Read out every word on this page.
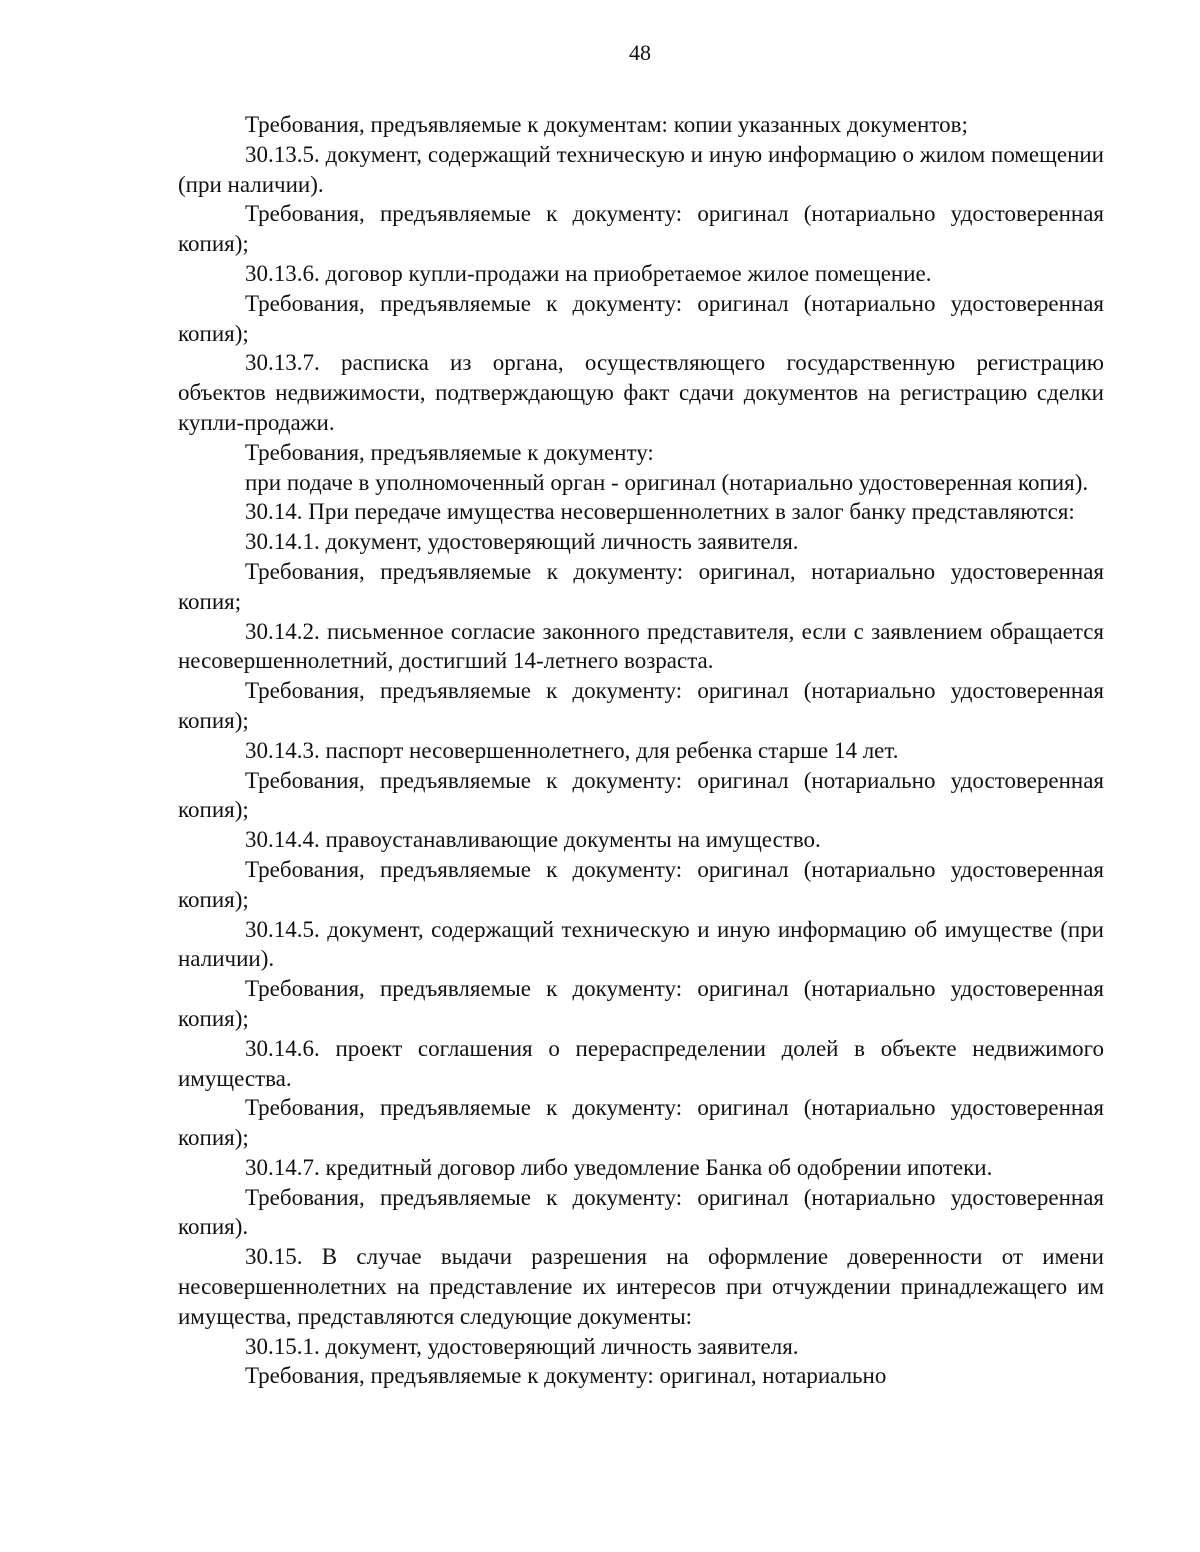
48

Требования, предъявляемые к документам: копии указанных документов;

30.13.5. документ, содержащий техническую и иную информацию о жилом помещении (при наличии).

Требования, предъявляемые к документу: оригинал (нотариально удостоверенная копия);

30.13.6. договор купли-продажи на приобретаемое жилое помещение.

Требования, предъявляемые к документу: оригинал (нотариально удостоверенная копия);

30.13.7. расписка из органа, осуществляющего государственную регистрацию объектов недвижимости, подтверждающую факт сдачи документов на регистрацию сделки купли-продажи.

Требования, предъявляемые к документу:

при подаче в уполномоченный орган - оригинал (нотариально удостоверенная копия).

30.14. При передаче имущества несовершеннолетних в залог банку представляются:

30.14.1. документ, удостоверяющий личность заявителя.

Требования, предъявляемые к документу: оригинал, нотариально удостоверенная копия;

30.14.2. письменное согласие законного представителя, если с заявлением обращается несовершеннолетний, достигший 14-летнего возраста.

Требования, предъявляемые к документу: оригинал (нотариально удостоверенная копия);

30.14.3. паспорт несовершеннолетнего, для ребенка старше 14 лет.

Требования, предъявляемые к документу: оригинал (нотариально удостоверенная копия);

30.14.4. правоустанавливающие документы на имущество.

Требования, предъявляемые к документу: оригинал (нотариально удостоверенная копия);

30.14.5. документ, содержащий техническую и иную информацию об имуществе (при наличии).

Требования, предъявляемые к документу: оригинал (нотариально удостоверенная копия);

30.14.6. проект соглашения о перераспределении долей в объекте недвижимого имущества.

Требования, предъявляемые к документу: оригинал (нотариально удостоверенная копия);

30.14.7. кредитный договор либо уведомление Банка об одобрении ипотеки.

Требования, предъявляемые к документу: оригинал (нотариально удостоверенная копия).

30.15. В случае выдачи разрешения на оформление доверенности от имени несовершеннолетних на представление их интересов при отчуждении принадлежащего им имущества, представляются следующие документы:

30.15.1. документ, удостоверяющий личность заявителя.

Требования, предъявляемые к документу: оригинал, нотариально
